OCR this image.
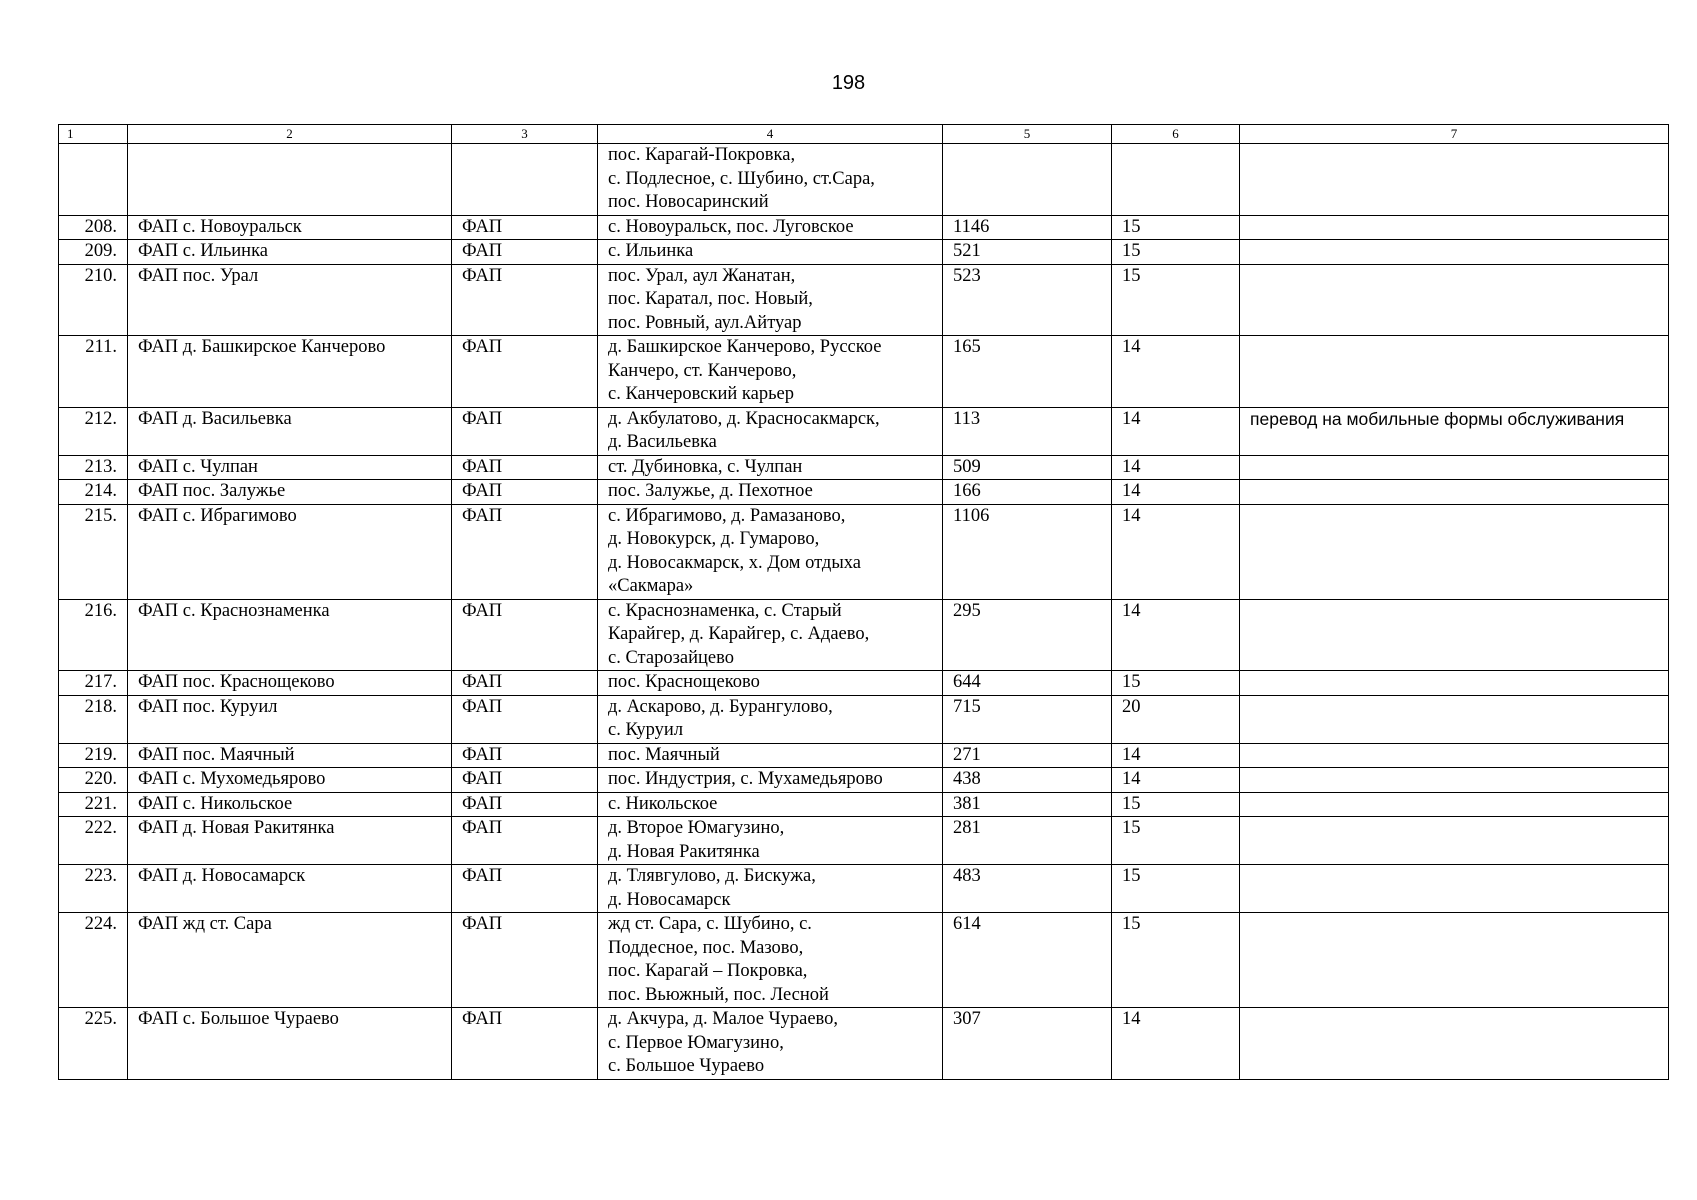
198
1	2	3	4	5	6	7
			пос. Карагай-Покровка,
с. Подлесное, с. Шубино, ст.Сара,
пос. Новосаринский			
208.	ФАП с. Новоуральск	ФАП	с. Новоуральск, пос. Луговское	1146	15	
209.	ФАП с. Ильинка	ФАП	с. Ильинка	521	15	
210.	ФАП пос. Урал	ФАП	пос. Урал, аул Жанатан,
пос. Каратал, пос. Новый,
пос. Ровный, аул.Айтуар	523	15	
211.	ФАП д. Башкирское Канчерово	ФАП	д. Башкирское Канчерово, Русское
Канчеро, ст. Канчерово,
с. Канчеровский карьер	165	14	
212.	ФАП д. Васильевка	ФАП	д. Акбулатово, д. Красносакмарск,
д. Васильевка	113	14	перевод на мобильные формы обслуживания
213.	ФАП с. Чулпан	ФАП	ст. Дубиновка, с. Чулпан	509	14	
214.	ФАП пос. Залужье	ФАП	пос. Залужье, д. Пехотное	166	14	
215.	ФАП с. Ибрагимово	ФАП	с. Ибрагимово, д. Рамазаново,
д. Новокурск, д. Гумарово,
д. Новосакмарск, х. Дом отдыха
«Сакмара»	1106	14	
216.	ФАП с. Краснознаменка	ФАП	с. Краснознаменка, с. Старый
Карайгер, д. Карайгер, с. Адаево,
с. Старозайцево	295	14	
217.	ФАП пос. Краснощеково	ФАП	пос. Краснощеково	644	15	
218.	ФАП пос. Куруил	ФАП	д. Аскарово, д. Бурангулово,
с. Куруил	715	20	
219.	ФАП пос. Маячный	ФАП	пос. Маячный	271	14	
220.	ФАП с. Мухомедьярово	ФАП	пос. Индустрия, с. Мухамедьярово	438	14	
221.	ФАП с. Никольское	ФАП	с. Никольское	381	15	
222.	ФАП д. Новая Ракитянка	ФАП	д. Второе Юмагузино,
д. Новая Ракитянка	281	15	
223.	ФАП д. Новосамарск	ФАП	д. Тлявгулово, д. Бискужа,
д. Новосамарск	483	15	
224.	ФАП жд ст. Сара	ФАП	жд ст. Сара, с. Шубино, с.
Поддесное, пос. Мазово,
пос. Карагай – Покровка,
пос. Вьюжный, пос. Лесной	614	15	
225.	ФАП с. Большое Чураево	ФАП	д. Акчура, д. Малое Чураево,
с. Первое Юмагузино,
с. Большое Чураево	307	14	
